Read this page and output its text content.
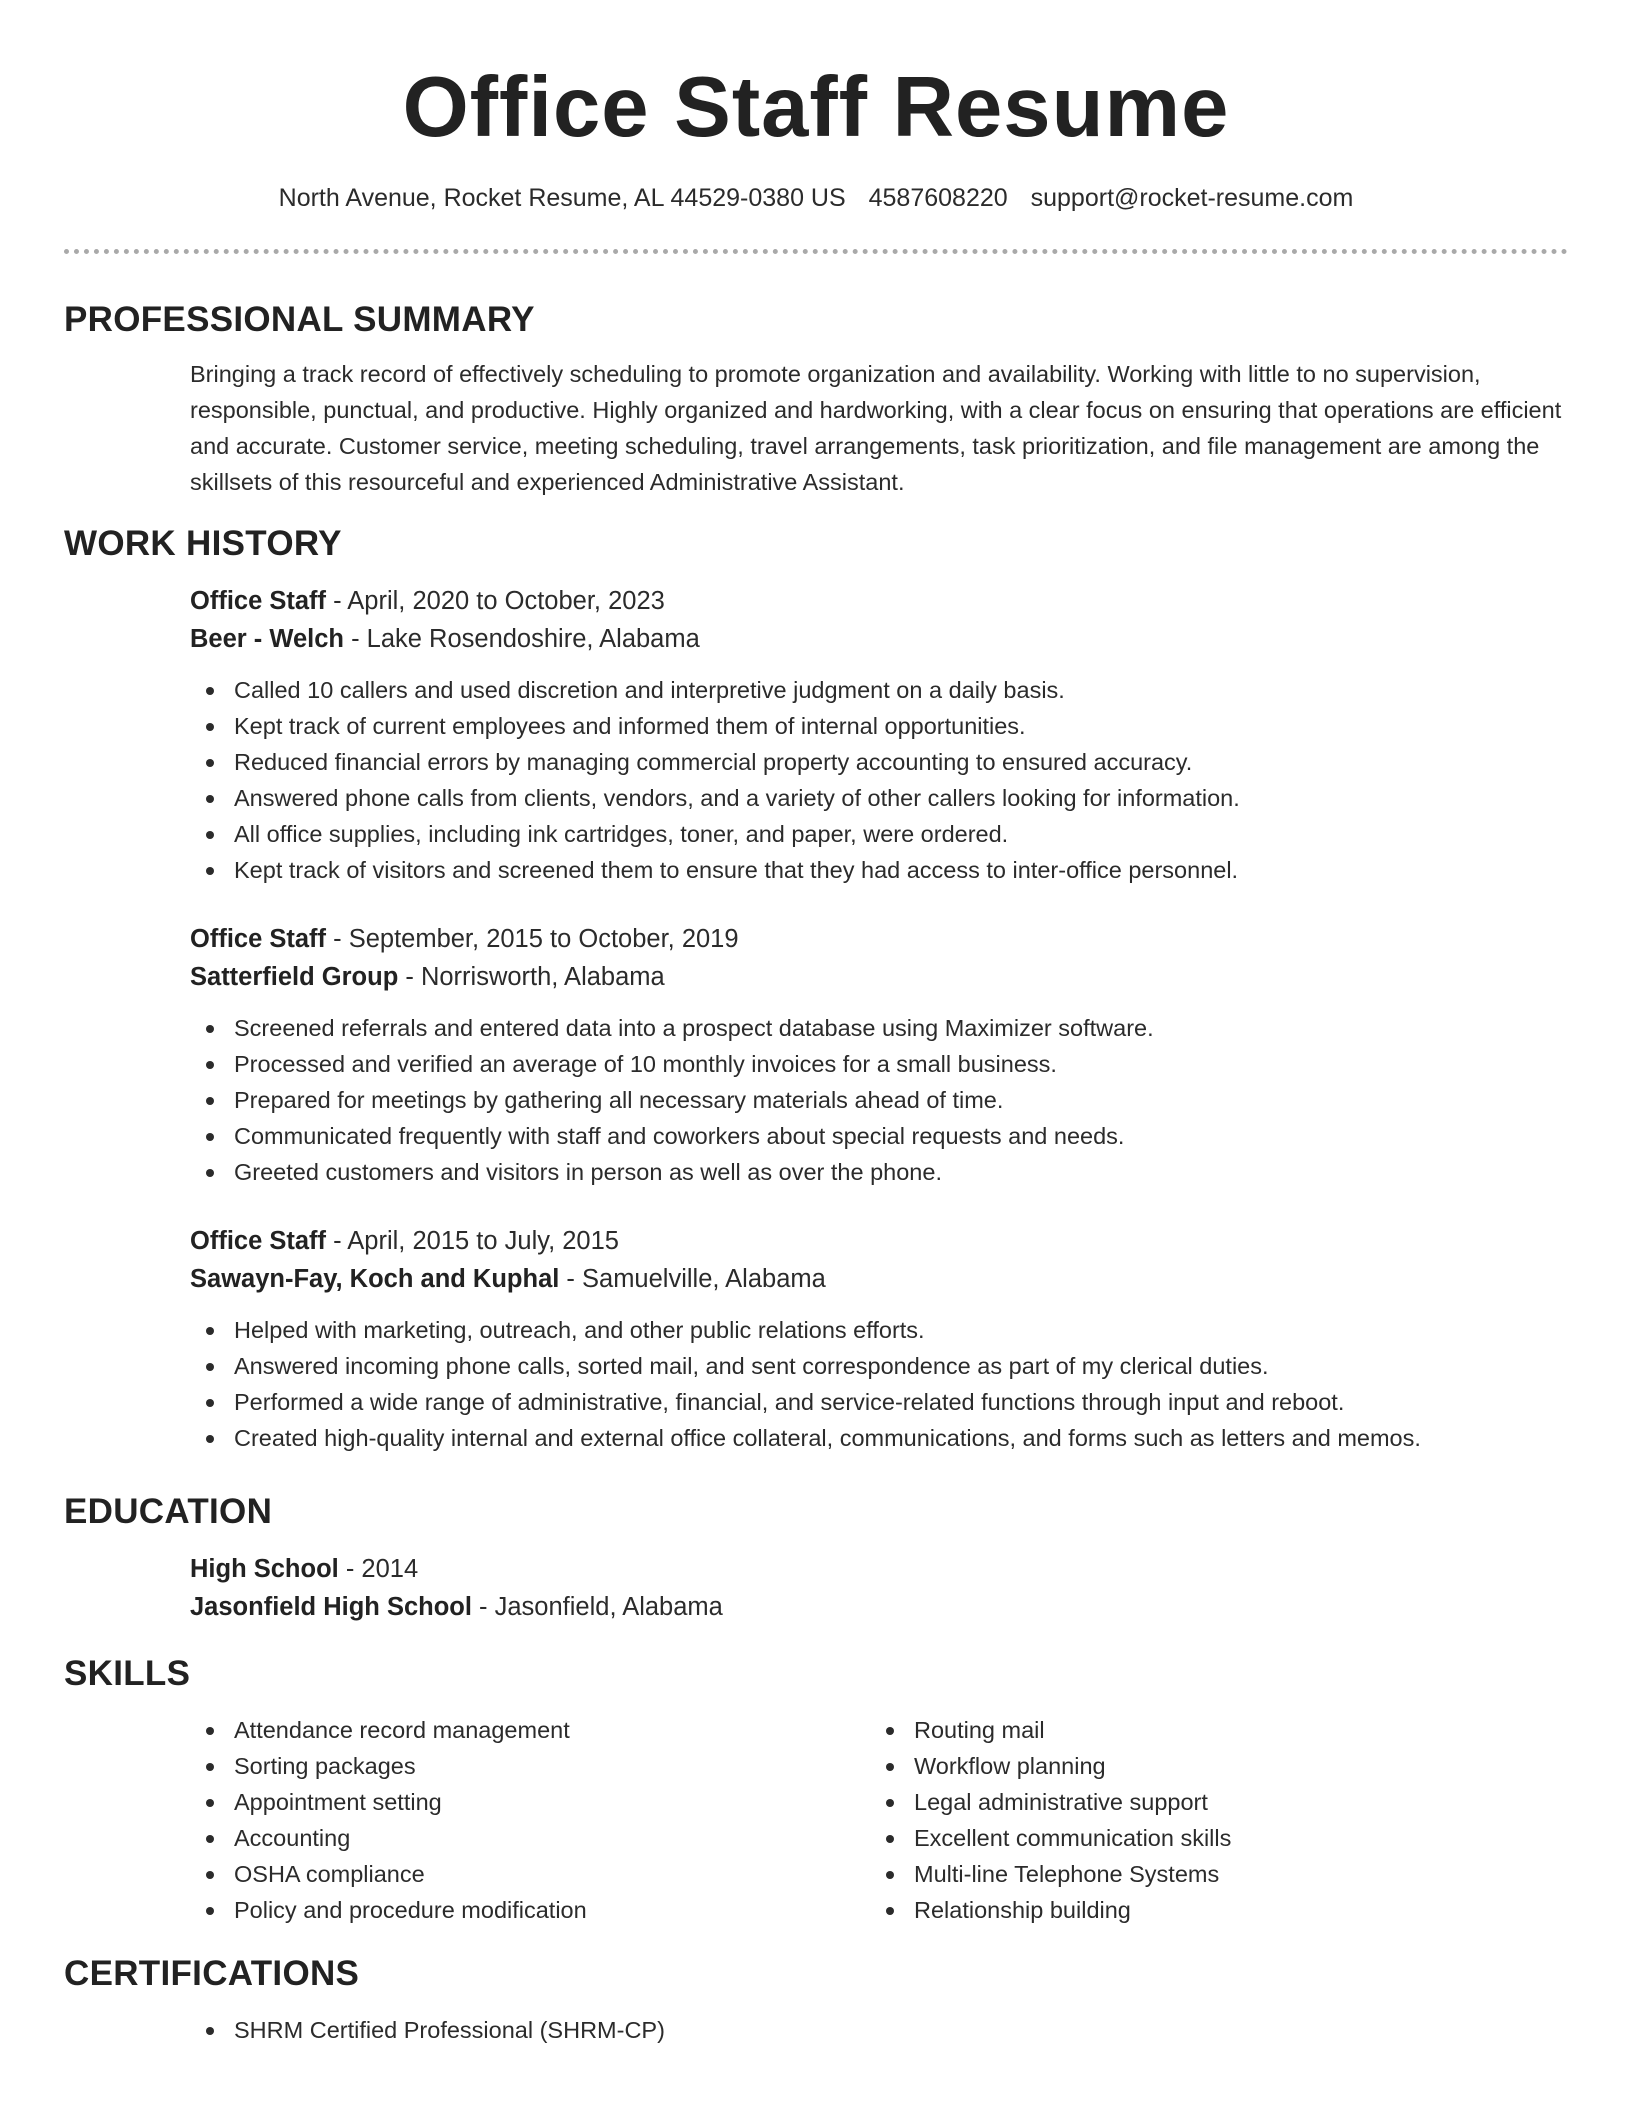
Office Staff Resume
North Avenue, Rocket Resume, AL 44529-0380 US 4587608220 support@rocket-resume.com
PROFESSIONAL SUMMARY

Bringing a track record of effectively scheduling to promote organization and availability. Working with little to no supervision, responsible, punctual, and productive. Highly organized and hardworking, with a clear focus on ensuring that operations are efficient and accurate. Customer service, meeting scheduling, travel arrangements, task prioritization, and file management are among the skillsets of this resourceful and experienced Administrative Assistant.

WORK HISTORY
Office Staff - April, 2020 to October, 2023
Beer - Welch - Lake Rosendoshire, Alabama
Called 10 callers and used discretion and interpretive judgment on a daily basis.
Kept track of current employees and informed them of internal opportunities.
Reduced financial errors by managing commercial property accounting to ensured accuracy.
Answered phone calls from clients, vendors, and a variety of other callers looking for information.
All office supplies, including ink cartridges, toner, and paper, were ordered.
Kept track of visitors and screened them to ensure that they had access to inter-office personnel.
Office Staff - September, 2015 to October, 2019
Satterfield Group - Norrisworth, Alabama
Screened referrals and entered data into a prospect database using Maximizer software.
Processed and verified an average of 10 monthly invoices for a small business.
Prepared for meetings by gathering all necessary materials ahead of time.
Communicated frequently with staff and coworkers about special requests and needs.
Greeted customers and visitors in person as well as over the phone.
Office Staff - April, 2015 to July, 2015
Sawayn-Fay, Koch and Kuphal - Samuelville, Alabama
Helped with marketing, outreach, and other public relations efforts.
Answered incoming phone calls, sorted mail, and sent correspondence as part of my clerical duties.
Performed a wide range of administrative, financial, and service-related functions through input and reboot.
Created high-quality internal and external office collateral, communications, and forms such as letters and memos.
EDUCATION
High School - 2014
Jasonfield High School - Jasonfield, Alabama
SKILLS
Attendance record management
Sorting packages
Appointment setting
Accounting
OSHA compliance
Policy and procedure modification
Routing mail
Workflow planning
Legal administrative support
Excellent communication skills
Multi-line Telephone Systems
Relationship building
CERTIFICATIONS
SHRM Certified Professional (SHRM-CP)
